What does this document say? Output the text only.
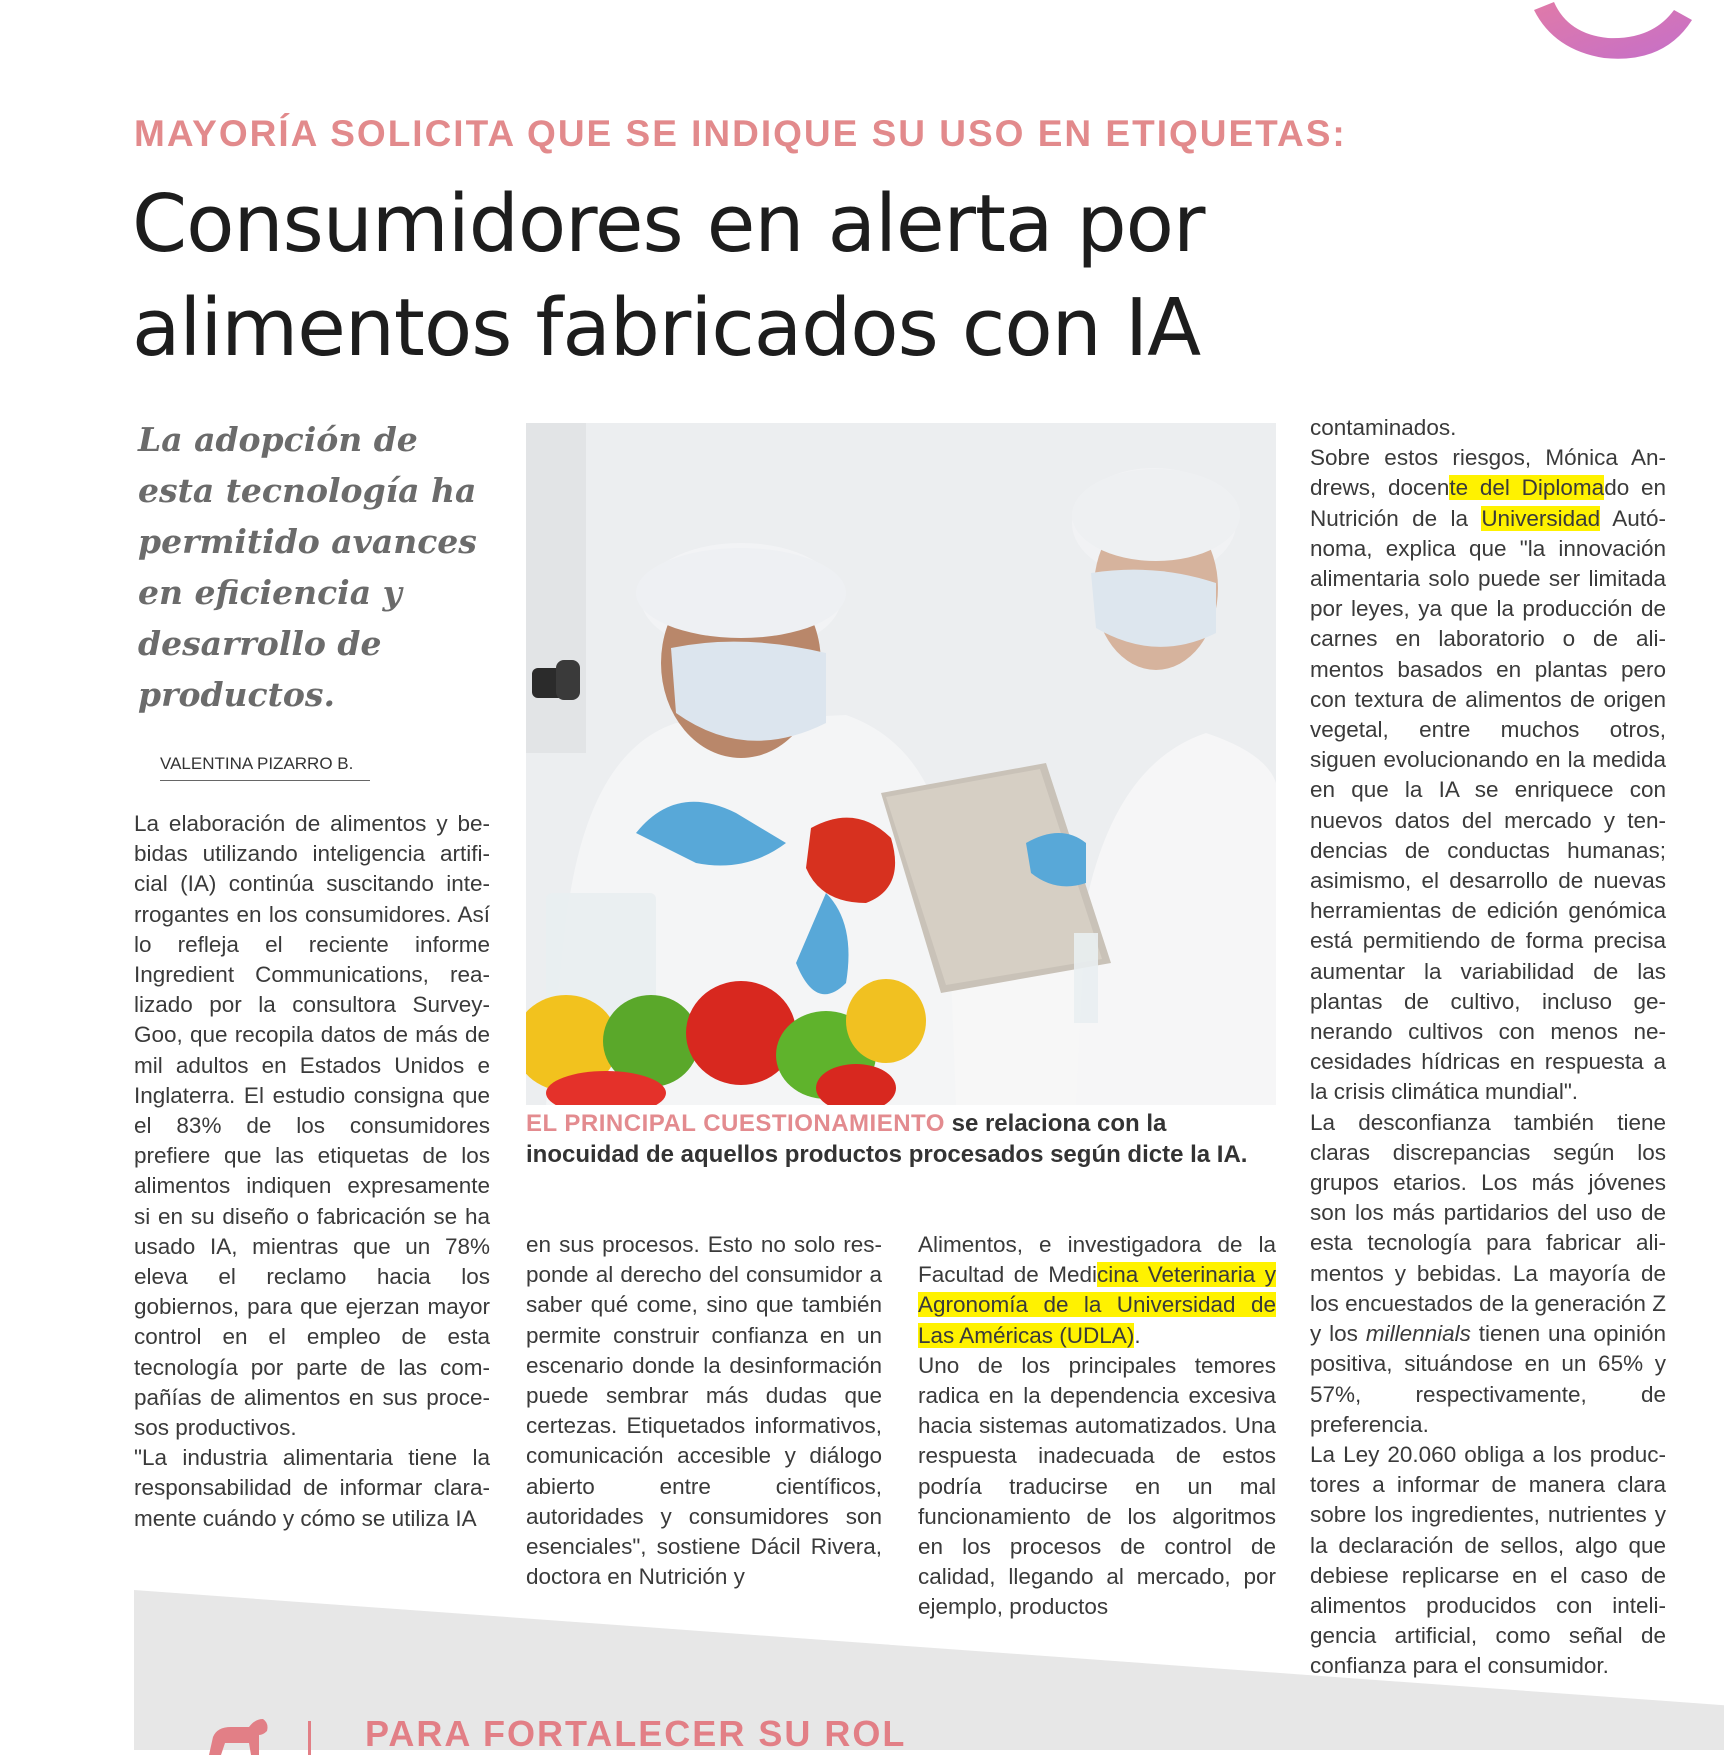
MAYORÍA SOLICITA QUE SE INDIQUE SU USO EN ETIQUETAS:
Consumidores en alerta por
alimentos fabricados con IA

La adopción de esta tecnología ha permitido avances en eficiencia y desarrollo de productos.

VALENTINA PIZARRO B.

La elaboración de alimentos y bebidas utilizando inteligencia artificial (IA) continúa suscitando interrogantes en los consumidores. Así lo refleja el reciente informe Ingredient Communications, realizado por la consultora SurveyGoo, que recopila datos de más de mil adultos en Estados Unidos e Inglaterra. El estudio consigna que el 83% de los consumidores prefiere que las etiquetas de los alimentos indiquen expresamente si en su diseño o fabricación se ha usado IA, mientras que un 78% eleva el reclamo hacia los gobiernos, para que ejerzan mayor control en el empleo de esta tecnología por parte de las compañías de alimentos en sus procesos productivos.

"La industria alimentaria tiene la responsabilidad de informar claramente cuándo y cómo se utiliza IA

EL PRINCIPAL CUESTIONAMIENTO se relaciona con la inocuidad de aquellos productos procesados según dicte la IA.

en sus procesos. Esto no solo responde al derecho del consumidor a saber qué come, sino que también permite construir confianza en un escenario donde la desinformación puede sembrar más dudas que certezas. Etiquetados informativos, comunicación accesible y diálogo abierto entre científicos, autoridades y consumidores son esenciales", sostiene Dácil Rivera, doctora en Nutrición y

Alimentos, e investigadora de la Facultad de Medicina Veterinaria y Agronomía de la Universidad de Las Américas (UDLA).

Uno de los principales temores radica en la dependencia excesiva hacia sistemas automatizados. Una respuesta inadecuada de estos podría traducirse en un mal funcionamiento de los algoritmos en los procesos de control de calidad, llegando al mercado, por ejemplo, productos

contaminados.

Sobre estos riesgos, Mónica Andrews, docente del Diplomado en Nutrición de la Universidad Autónoma, explica que "la innovación alimentaria solo puede ser limitada por leyes, ya que la producción de carnes en laboratorio o de alimentos basados en plantas pero con textura de alimentos de origen vegetal, entre muchos otros, siguen evolucionando en la medida en que la IA se enriquece con nuevos datos del mercado y tendencias de conductas humanas; asimismo, el desarrollo de nuevas herramientas de edición genómica está permitiendo de forma precisa aumentar la variabilidad de las plantas de cultivo, incluso generando cultivos con menos necesidades hídricas en respuesta a la crisis climática mundial".

La desconfianza también tiene claras discrepancias según los grupos etarios. Los más jóvenes son los más partidarios del uso de esta tecnología para fabricar alimentos y bebidas. La mayoría de los encuestados de la generación Z y los millennials tienen una opinión positiva, situándose en un 65% y 57%, respectivamente, de preferencia.

La Ley 20.060 obliga a los productores a informar de manera clara sobre los ingredientes, nutrientes y la declaración de sellos, algo que debiese replicarse en el caso de alimentos producidos con inteligencia artificial, como señal de confianza para el consumidor.

PARA FORTALECER SU ROL
